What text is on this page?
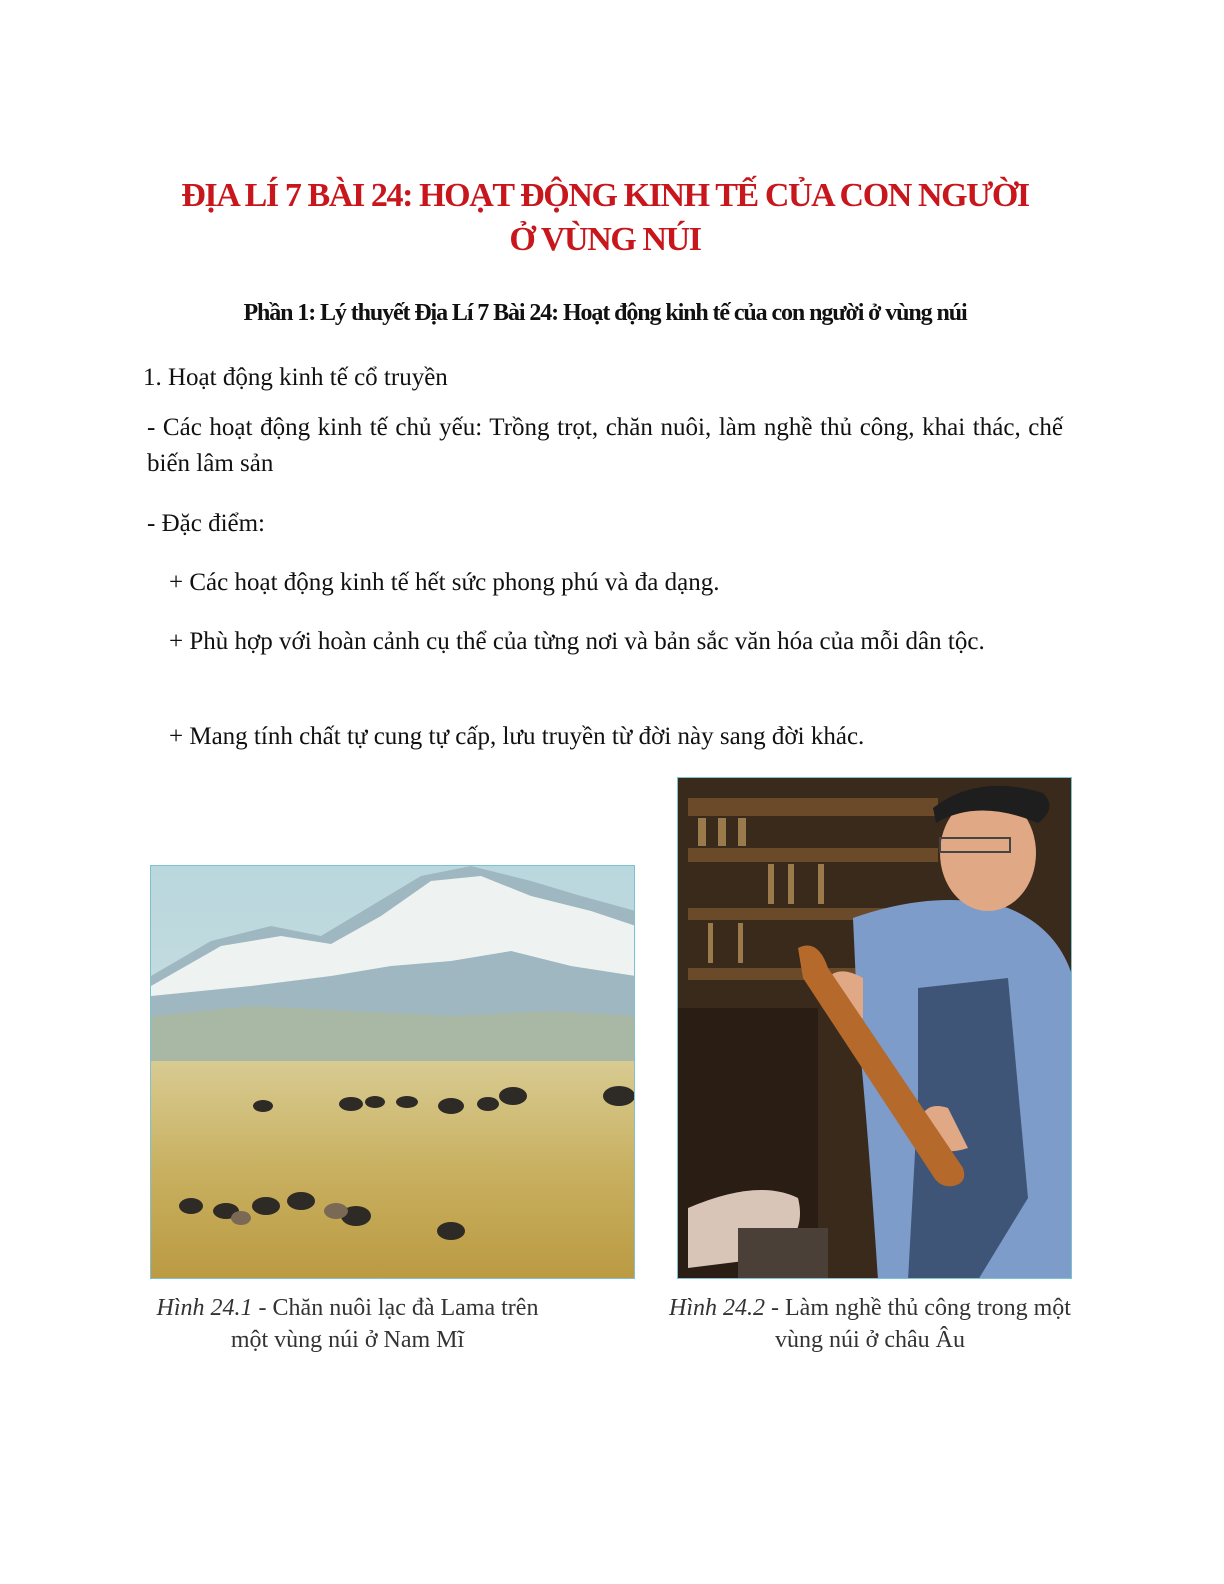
ĐỊA LÍ 7 BÀI 24: HOẠT ĐỘNG KINH TẾ CỦA CON NGƯỜI
Ở VÙNG NÚI
Phần 1: Lý thuyết Địa Lí 7 Bài 24: Hoạt động kinh tế của con người ở vùng núi
1. Hoạt động kinh tế cổ truyền
- Các hoạt động kinh tế chủ yếu: Trồng trọt, chăn nuôi, làm nghề thủ công, khai thác, chế biến lâm sản
- Đặc điểm:
+ Các hoạt động kinh tế hết sức phong phú và đa dạng.
+ Phù hợp với hoàn cảnh cụ thể của từng nơi và bản sắc văn hóa của mỗi dân tộc.
+ Mang tính chất tự cung tự cấp, lưu truyền từ đời này sang đời khác.
Hình 24.1 - Chăn nuôi lạc đà Lama trên
một vùng núi ở Nam Mĩ
Hình 24.2 - Làm nghề thủ công trong một
vùng núi ở châu Âu
